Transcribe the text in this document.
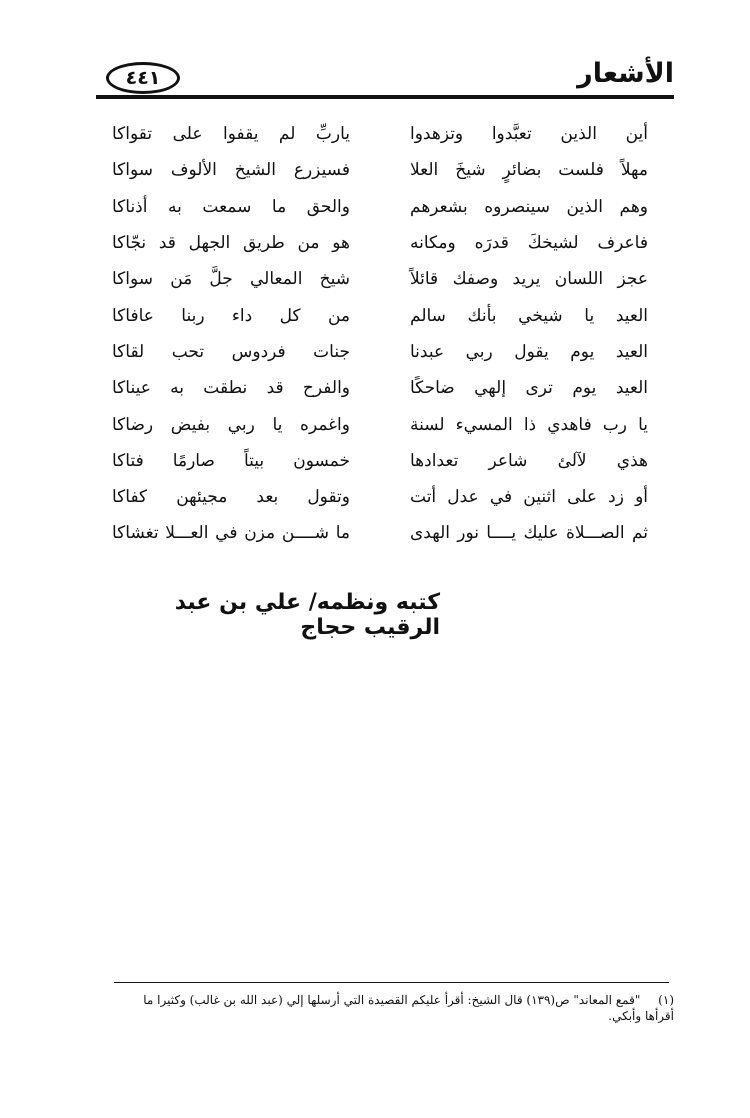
الأشعار
٤٤١
أين الذين تعبَّدوا وتزهدوا
ياربِّ لم يقفوا على تقواكا
مهلاً فلست بضائرٍ شيخَ العلا
فسيزرع الشيخ الألوف سواكا
وهم الذين سينصروه بشعرهم
والحق ما سمعت به أذناكا
فاعرف لشيخكَ قدرَه ومكانه
هو من طريق الجهل قد نجّاكا
عجز اللسان يريد وصفك قائلاً
شيخ المعالي جلَّ مَن سواكا
العيد يا شيخي بأنك سالم
من كل داء ربنا عافاكا
العيد يوم يقول ربي عبدنا
جنات فردوس تحب لقاكا
العيد يوم ترى إلهي ضاحكًا
والفرح قد نطقت به عيناكا
يا رب فاهدي ذا المسيء لسنة
واغمره يا ربي بفيض رضاكا
هذي لآلئ شاعر تعدادها
خمسون بيتاً صارمًا فتاكا
أو زد على اثنين في عدل أتت
وتقول بعد مجيئهن كفاكا
ثم الصـــلاة عليك يــــا نور الهدى
ما شــــن مزن في العـــلا تغشاكا
كتبه ونظمه/ علي بن عبد الرقيب حجاج
(١) "قمع المعاند" ص(١٣٩) قال الشيخ: أقرأ عليكم القصيدة التي أرسلها إلي (عبد الله بن غالب) وكثيرا ما أقرأها وأبكي.
